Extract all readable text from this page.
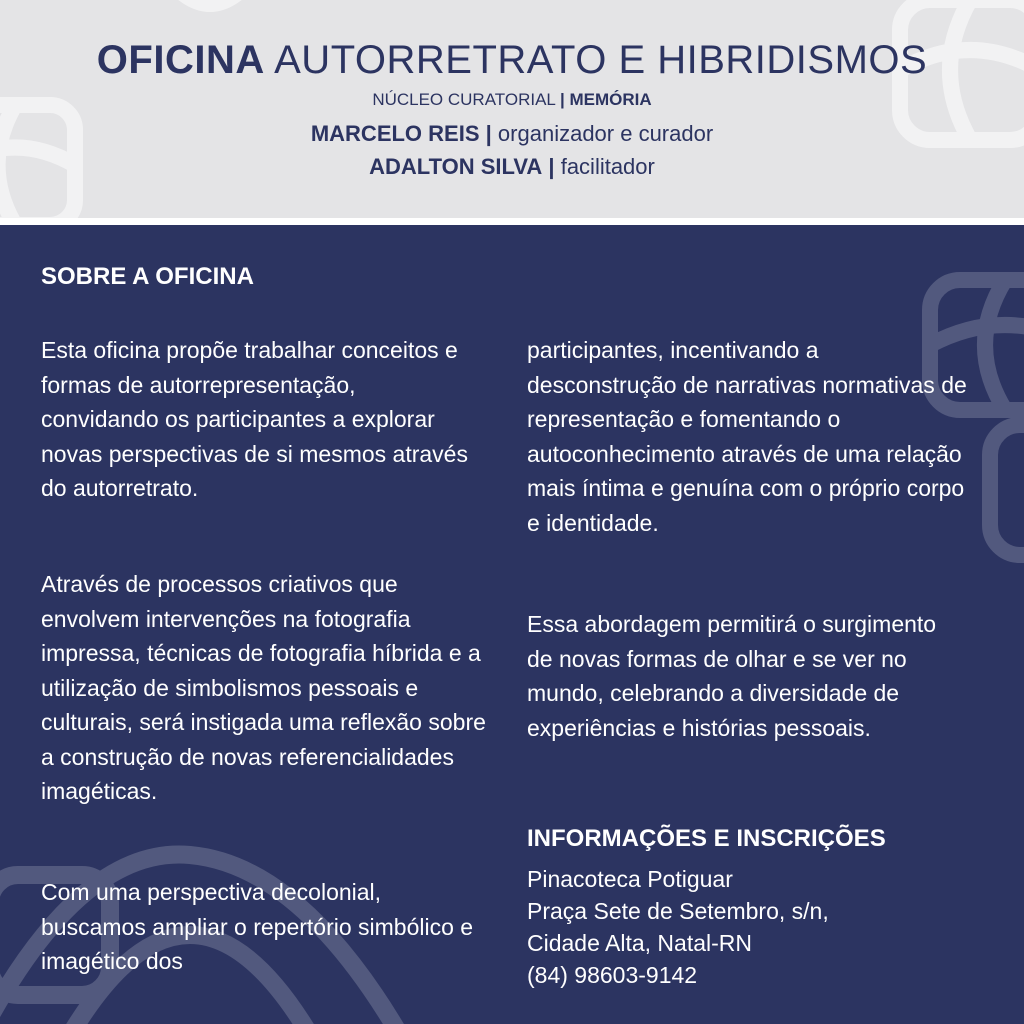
OFICINA AUTORRETRATO E HIBRIDISMOS
NÚCLEO CURATORIAL | MEMÓRIA
MARCELO REIS | organizador e curador
ADALTON SILVA | facilitador
SOBRE A OFICINA

Esta oficina propõe trabalhar conceitos e formas de autorrepresentação, convidando os participantes a explorar novas perspectivas de si mesmos através do autorretrato.

Através de processos criativos que envolvem intervenções na fotografia impressa, técnicas de fotografia híbrida e a utilização de simbolismos pessoais e culturais, será instigada uma reflexão sobre a construção de novas referencialidades imagéticas.

Com uma perspectiva decolonial, buscamos ampliar o repertório simbólico e imagético dos

participantes, incentivando a desconstrução de narrativas normativas de representação e fomentando o autoconhecimento através de uma relação mais íntima e genuína com o próprio corpo e identidade.

Essa abordagem permitirá o surgimento de novas formas de olhar e se ver no mundo, celebrando a diversidade de experiências e histórias pessoais.

INFORMAÇÕES E INSCRIÇÕES
Pinacoteca Potiguar
Praça Sete de Setembro, s/n,
Cidade Alta, Natal-RN
(84) 98603-9142
